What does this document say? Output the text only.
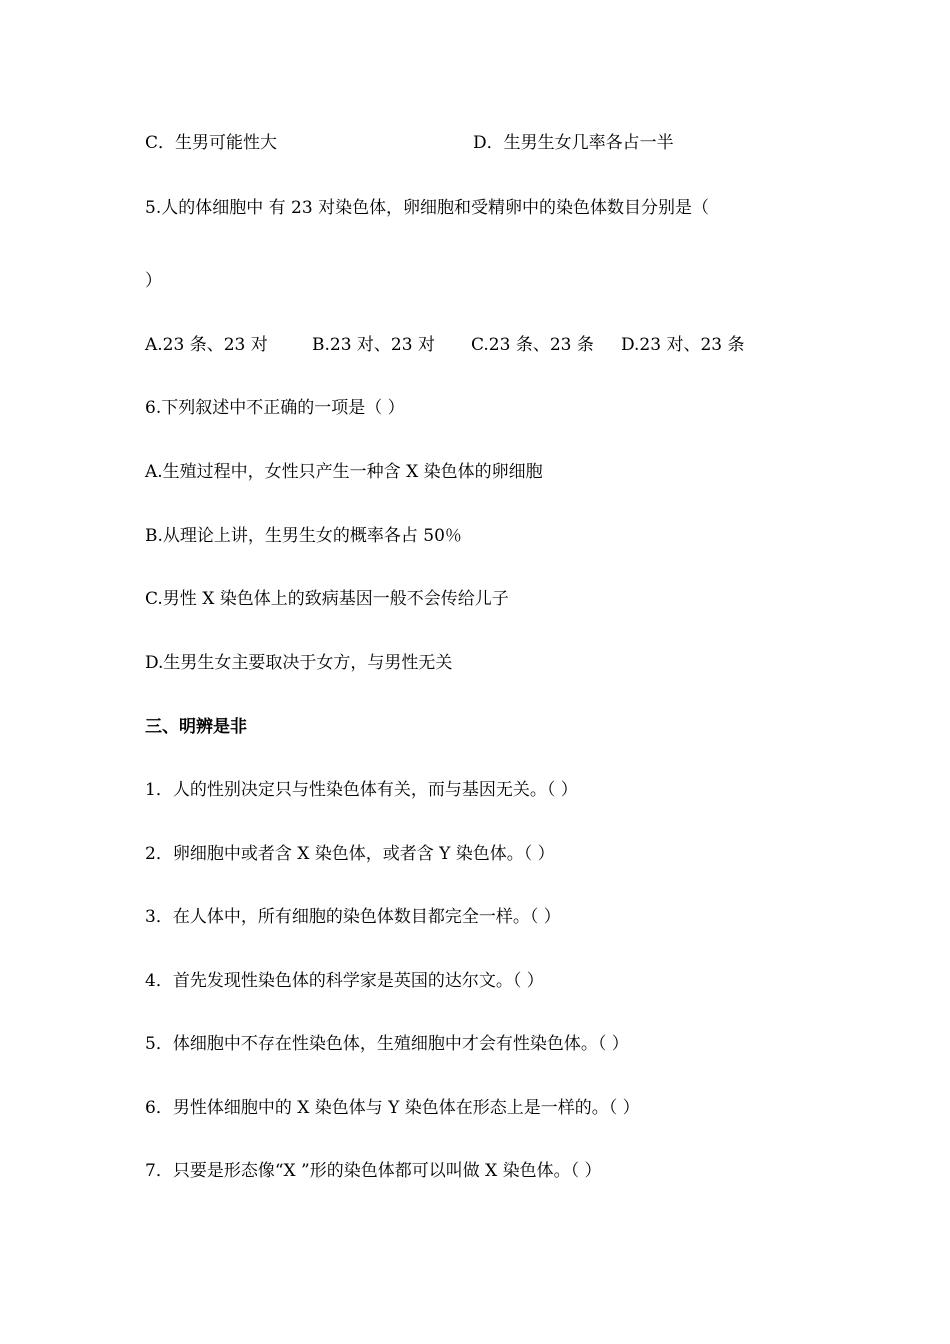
C．生男可能性大	D．生男生女几率各占一半
5.人的体细胞中 有 23 对染色体，卵细胞和受精卵中的染色体数目分别是（
）
A.23 条、23 对	B.23 对、23 对 C.23 条、23 条 D.23 对、23 条
6.下列叙述中不正确的一项是（ ）
A.生殖过程中，女性只产生一种含 X 染色体的卵细胞
B.从理论上讲，生男生女的概率各占 50％
C.男性 X 染色体上的致病基因一般不会传给儿子
D.生男生女主要取决于女方，与男性无关
三、明辨是非
1．人的性别决定只与性染色体有关，而与基因无关。（ ）
2．卵细胞中或者含 X 染色体，或者含 Y 染色体。（ ）
3．在人体中，所有细胞的染色体数目都完全一样。（ ）
4．首先发现性染色体的科学家是英国的达尔文。（ ）
5．体细胞中不存在性染色体，生殖细胞中才会有性染色体。（ ）
6．男性体细胞中的 X 染色体与 Y 染色体在形态上是一样的。（ ）
7．只要是形态像“X ”形的染色体都可以叫做 X 染色体。（ ）
